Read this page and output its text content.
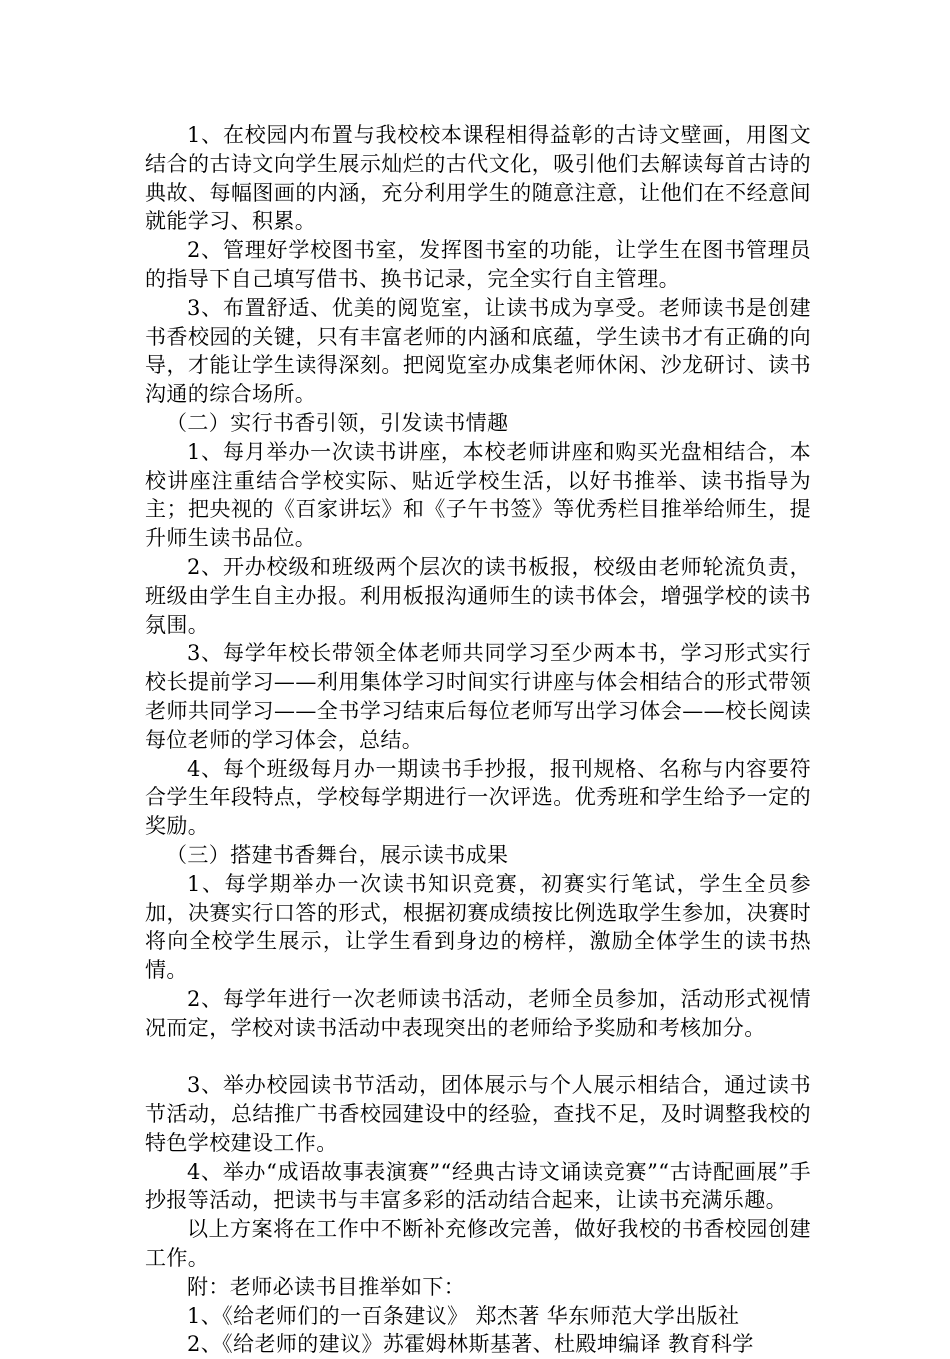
1、在校园内布置与我校校本课程相得益彰的古诗文壁画，用图文结合的古诗文向学生展示灿烂的古代文化，吸引他们去解读每首古诗的典故、每幅图画的内涵，充分利用学生的随意注意，让他们在不经意间就能学习、积累。

2、管理好学校图书室，发挥图书室的功能，让学生在图书管理员的指导下自己填写借书、换书记录，完全实行自主管理。

3、布置舒适、优美的阅览室，让读书成为享受。老师读书是创建书香校园的关键，只有丰富老师的内涵和底蕴，学生读书才有正确的向导，才能让学生读得深刻。把阅览室办成集老师休闲、沙龙研讨、读书沟通的综合场所。

（二）实行书香引领，引发读书情趣

1、每月举办一次读书讲座，本校老师讲座和购买光盘相结合，本校讲座注重结合学校实际、贴近学校生活，以好书推举、读书指导为主；把央视的《百家讲坛》和《子午书签》等优秀栏目推举给师生，提升师生读书品位。

2、开办校级和班级两个层次的读书板报，校级由老师轮流负责，班级由学生自主办报。利用板报沟通师生的读书体会，增强学校的读书氛围。

3、每学年校长带领全体老师共同学习至少两本书，学习形式实行校长提前学习——利用集体学习时间实行讲座与体会相结合的形式带领老师共同学习——全书学习结束后每位老师写出学习体会——校长阅读每位老师的学习体会，总结。

4、每个班级每月办一期读书手抄报，报刊规格、名称与内容要符合学生年段特点，学校每学期进行一次评选。优秀班和学生给予一定的奖励。

（三）搭建书香舞台，展示读书成果

1、每学期举办一次读书知识竞赛，初赛实行笔试，学生全员参加，决赛实行口答的形式，根据初赛成绩按比例选取学生参加，决赛时将向全校学生展示，让学生看到身边的榜样，激励全体学生的读书热情。

2、每学年进行一次老师读书活动，老师全员参加，活动形式视情况而定，学校对读书活动中表现突出的老师给予奖励和考核加分。

3、举办校园读书节活动，团体展示与个人展示相结合，通过读书节活动，总结推广书香校园建设中的经验，查找不足，及时调整我校的特色学校建设工作。

4、举办“成语故事表演赛”“经典古诗文诵读竞赛”“古诗配画展”手抄报等活动，把读书与丰富多彩的活动结合起来，让读书充满乐趣。

以上方案将在工作中不断补充修改完善，做好我校的书香校园创建工作。

附：老师必读书目推举如下：

1、《给老师们的一百条建议》 郑杰著 华东师范大学出版社

2、《给老师的建议》苏霍姆林斯基著、杜殿坤编译 教育科学
